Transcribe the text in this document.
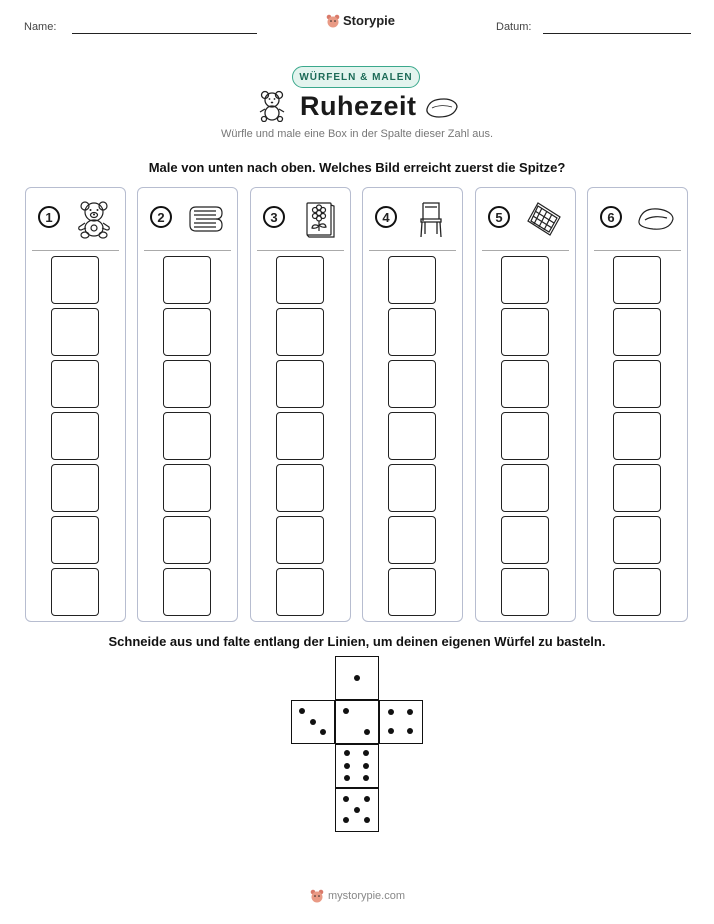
Name:	Storypie	Datum:
WÜRFELN & MALEN
Ruhezeit
Würfle und male eine Box in der Spalte dieser Zahl aus.
Male von unten nach oben. Welches Bild erreicht zuerst die Spitze?
1	2	3	4	5	6
Schneide aus und falte entlang der Linien, um deinen eigenen Würfel zu basteln.
mystorypie.com
